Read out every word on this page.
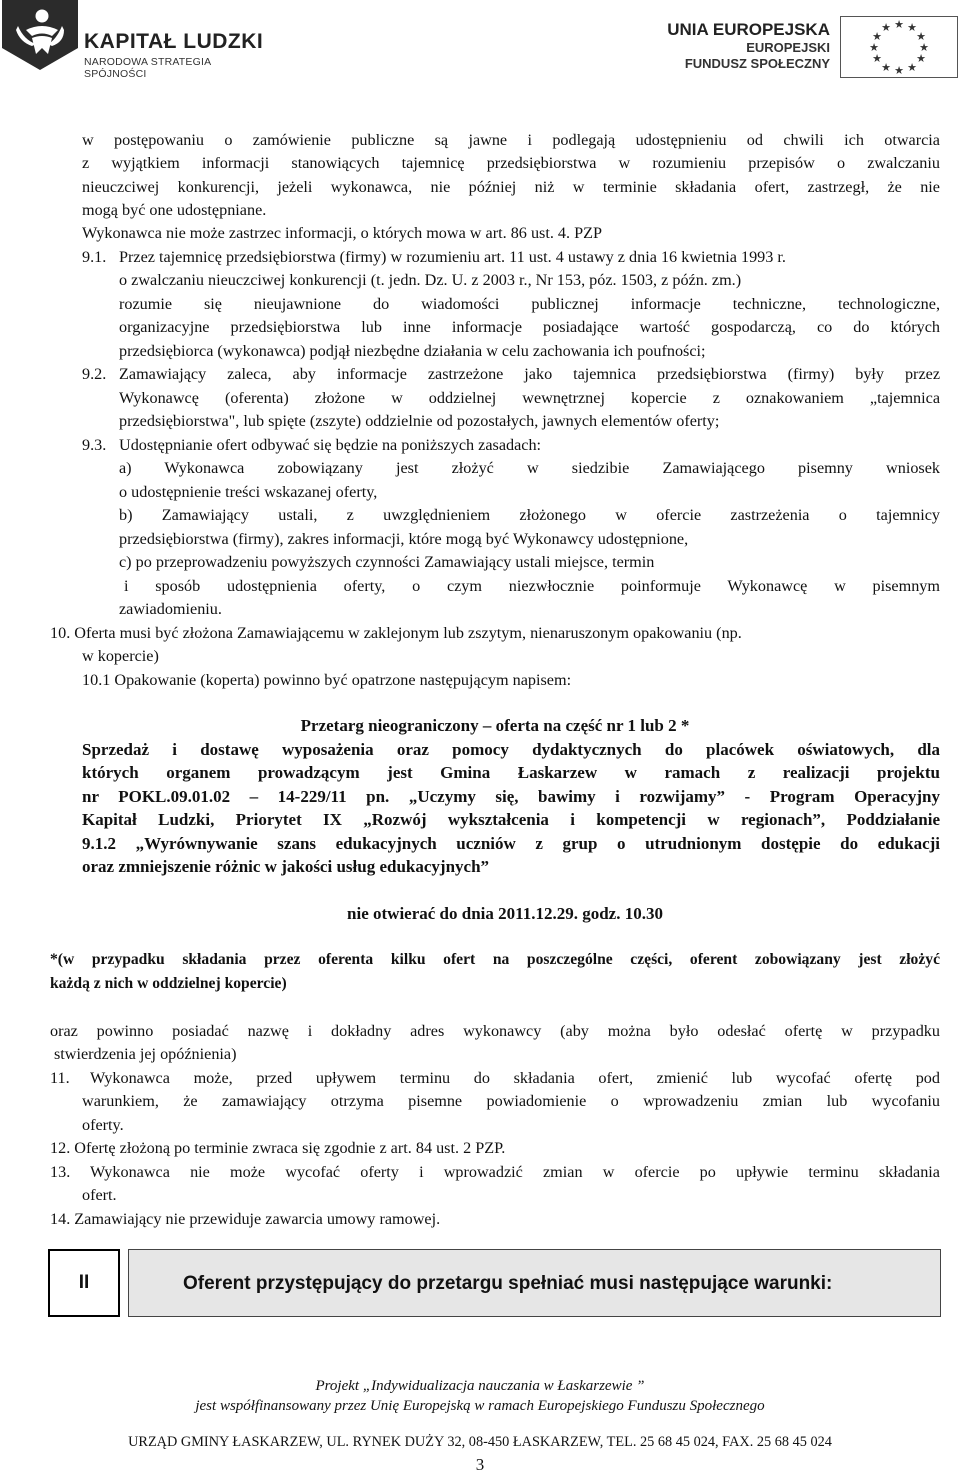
KAPITAŁ LUDZKI
NARODOWA STRATEGIA SPÓJNOŚCI
UNIA EUROPEJSKA
EUROPEJSKI
FUNDUSZ SPOŁECZNY
★ ★
★
★
★
★
★
★
★
★
★
★
w postępowaniu o zamówienie publiczne są jawne i podlegają udostępnieniu od chwili ich otwarcia
z wyjątkiem informacji stanowiących tajemnicę przedsiębiorstwa w rozumieniu przepisów o zwalczaniu
nieuczciwej konkurencji, jeżeli wykonawca, nie później niż w terminie składania ofert, zastrzegł, że nie
mogą być one udostępniane.
Wykonawca nie może zastrzec informacji, o których mowa w art. 86 ust. 4. PZP
9.1. Przez tajemnicę przedsiębiorstwa (firmy) w rozumieniu art. 11 ust. 4 ustawy z dnia 16 kwietnia 1993 r.
o zwalczaniu nieuczciwej konkurencji (t. jedn. Dz. U. z 2003 r., Nr 153, póz. 1503, z późn. zm.)
rozumie się nieujawnione do wiadomości publicznej informacje techniczne, technologiczne,
organizacyjne przedsiębiorstwa lub inne informacje posiadające wartość gospodarczą, co do których
przedsiębiorca (wykonawca) podjął niezbędne działania w celu zachowania ich poufności;
9.2. Zamawiający zaleca, aby informacje zastrzeżone jako tajemnica przedsiębiorstwa (firmy) były przez
Wykonawcę (oferenta) złożone w oddzielnej wewnętrznej kopercie z oznakowaniem „tajemnica
przedsiębiorstwa", lub spięte (zszyte) oddzielnie od pozostałych, jawnych elementów oferty;
9.3. Udostępnianie ofert odbywać się będzie na poniższych zasadach:
a) Wykonawca zobowiązany jest złożyć w siedzibie Zamawiającego pisemny wniosek
o udostępnienie treści wskazanej oferty,
b) Zamawiający ustali, z uwzględnieniem złożonego w ofercie zastrzeżenia o tajemnicy
przedsiębiorstwa (firmy), zakres informacji, które mogą być Wykonawcy udostępnione,
c) po przeprowadzeniu powyższych czynności Zamawiający ustali miejsce, termin
i sposób udostępnienia oferty, o czym niezwłocznie poinformuje Wykonawcę w pisemnym
zawiadomieniu.
10. Oferta musi być złożona Zamawiającemu w zaklejonym lub zszytym, nienaruszonym opakowaniu (np.
w kopercie)
10.1 Opakowanie (koperta) powinno być opatrzone następującym napisem:
Przetarg nieograniczony – oferta na część nr 1 lub 2 *
Sprzedaż i dostawę wyposażenia oraz pomocy dydaktycznych do placówek oświatowych, dla
których organem prowadzącym jest Gmina Łaskarzew w ramach z realizacji projektu
nr POKL.09.01.02 – 14-229/11 pn. „Uczymy się, bawimy i rozwijamy” - Program Operacyjny
Kapitał Ludzki, Priorytet IX „Rozwój wykształcenia i kompetencji w regionach”, Poddziałanie
9.1.2 „Wyrównywanie szans edukacyjnych uczniów z grup o utrudnionym dostępie do edukacji
oraz zmniejszenie różnic w jakości usług edukacyjnych”
nie otwierać do dnia 2011.12.29. godz. 10.30
*(w przypadku składania przez oferenta kilku ofert na poszczególne części, oferent zobowiązany jest złożyć
każdą z nich w oddzielnej kopercie)
oraz powinno posiadać nazwę i dokładny adres wykonawcy (aby można było odesłać ofertę w przypadku
stwierdzenia jej opóźnienia)
11. Wykonawca może, przed upływem terminu do składania ofert, zmienić lub wycofać ofertę pod
warunkiem, że zamawiający otrzyma pisemne powiadomienie o wprowadzeniu zmian lub wycofaniu
oferty.
12. Ofertę złożoną po terminie zwraca się zgodnie z art. 84 ust. 2 PZP.
13. Wykonawca nie może wycofać oferty i wprowadzić zmian w ofercie po upływie terminu składania
ofert.
14. Zamawiający nie przewiduje zawarcia umowy ramowej.
II	Oferent przystępujący do przetargu spełniać musi następujące warunki:
Projekt „Indywidualizacja nauczania w Łaskarzewie ”
jest współfinansowany przez Unię Europejską w ramach Europejskiego Funduszu Społecznego
URZĄD GMINY ŁASKARZEW, UL. RYNEK DUŻY 32, 08-450 ŁASKARZEW, TEL. 25 68 45 024, FAX. 25 68 45 024
3
